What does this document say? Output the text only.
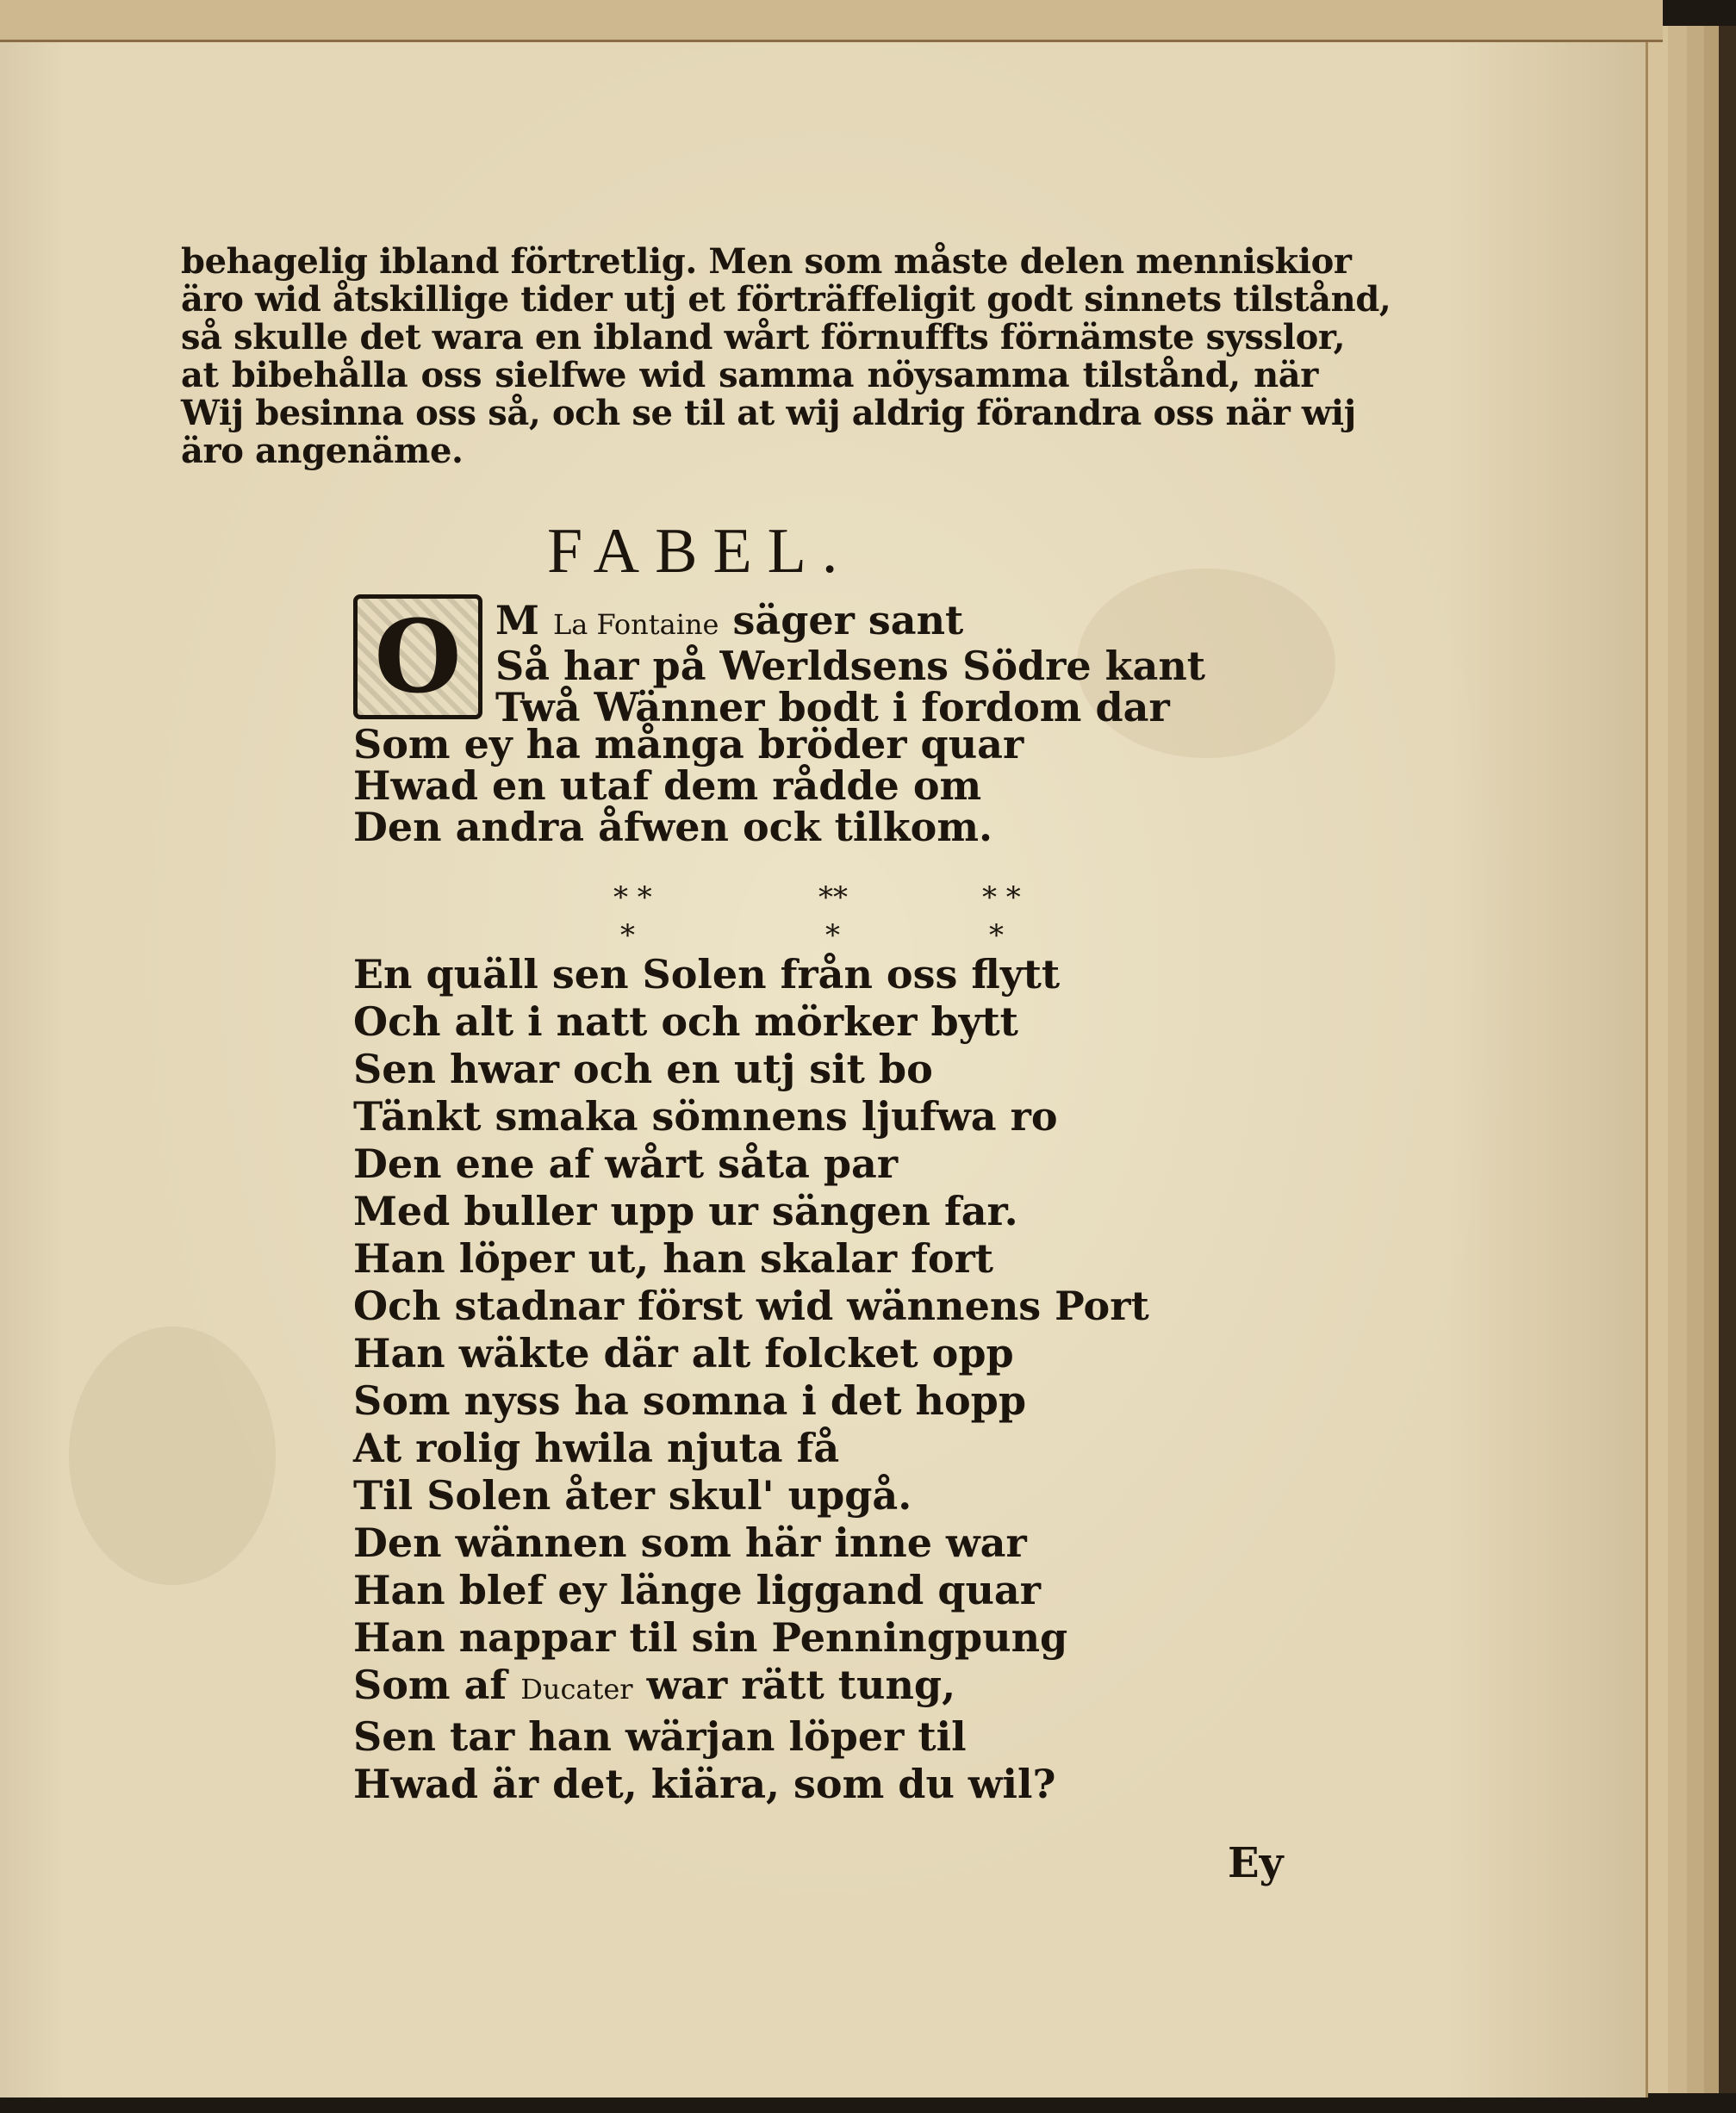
behagelig ibland förtretlig. Men som måste delen menniskior
äro wid åtskillige tider utj et förträffeligit godt sinnets tilstånd,
så skulle det wara en ibland wårt förnuffts förnämste sysslor,
at bibehålla oss sielfwe wid samma nöysamma tilstånd, när
Wij besinna oss så, och se til at wij aldrig förandra oss när wij
äro angenäme.
FABEL.
O M La Fontaine säger sant
Så har på Werldsens Södre kant
Twå Wänner bodt i fordom dar
Som ey ha många bröder quar
Hwad en utaf dem rådde om
Den andra åfwen ock tilkom.
* *
*
**
*
* *
*
En quäll sen Solen från oss flytt
Och alt i natt och mörker bytt
Sen hwar och en utj sit bo
Tänkt smaka sömnens ljufwa ro
Den ene af wårt såta par
Med buller upp ur sängen far.
Han löper ut, han skalar fort
Och stadnar först wid wännens Port
Han wäkte där alt folcket opp
Som nyss ha somna i det hopp
At rolig hwila njuta få
Til Solen åter skul' upgå.
Den wännen som här inne war
Han blef ey länge liggand quar
Han nappar til sin Penningpung
Som af Ducater war rätt tung,
Sen tar han wärjan löper til
Hwad är det, kiära, som du wil?
Ey
